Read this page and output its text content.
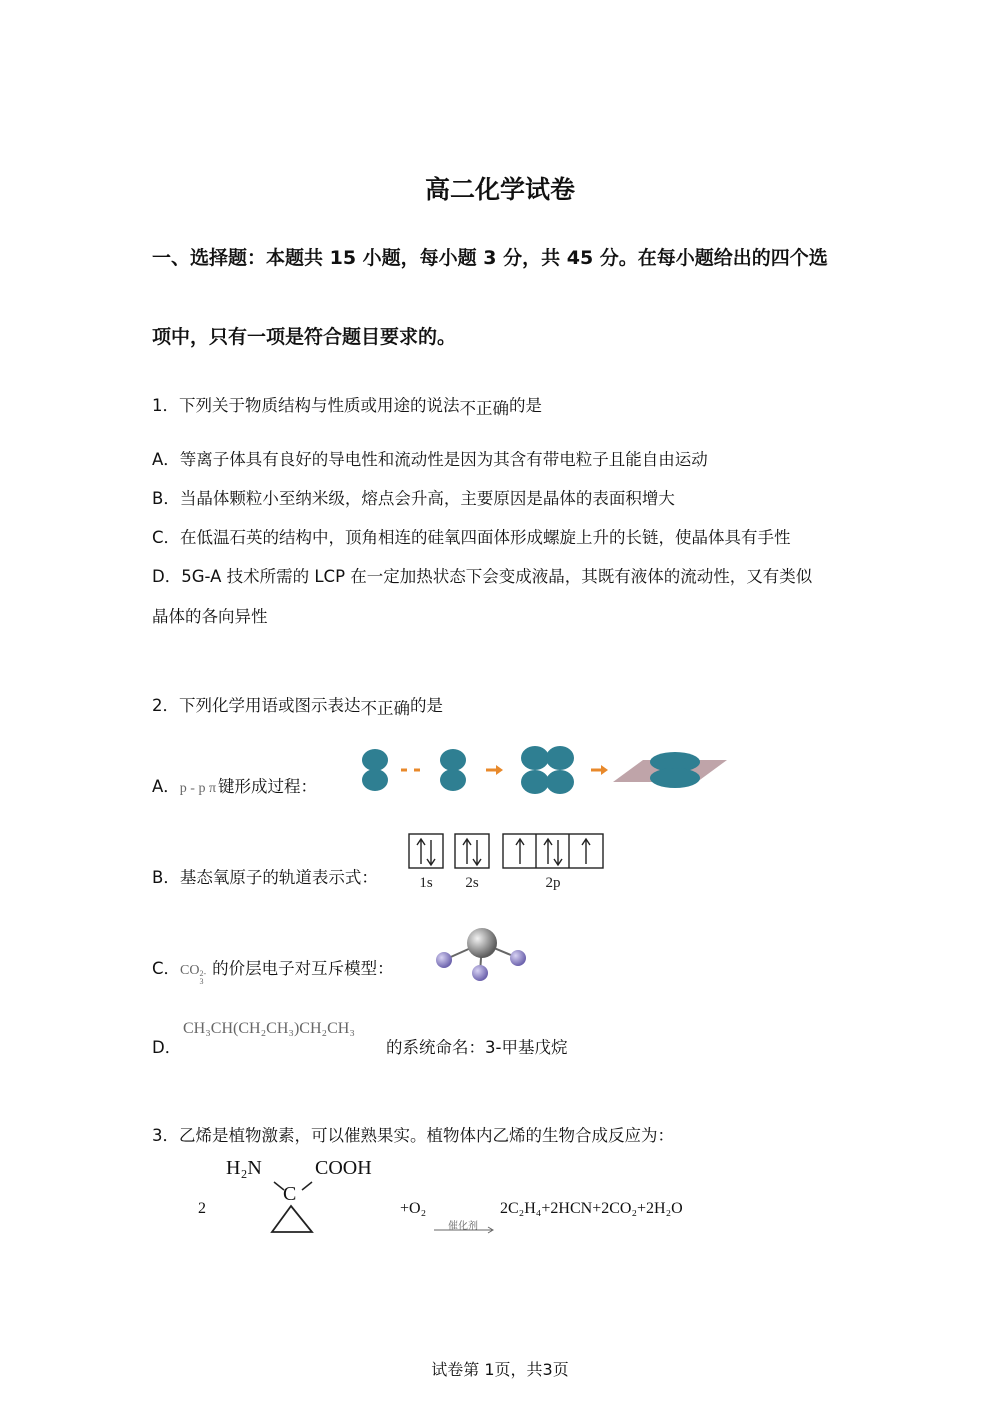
高二化学试卷
一、选择题：本题共 15 小题，每小题 3 分，共 45 分。在每小题给出的四个选
项中，只有一项是符合题目要求的。
1．下列关于物质结构与性质或用途的说法不正确的是
A．等离子体具有良好的导电性和流动性是因为其含有带电粒子且能自由运动
B．当晶体颗粒小至纳米级，熔点会升高，主要原因是晶体的表面积增大
C．在低温石英的结构中，顶角相连的硅氧四面体形成螺旋上升的长链，使晶体具有手性
D．5G-A 技术所需的 LCP 在一定加热状态下会变成液晶，其既有液体的流动性，又有类似
晶体的各向异性
2．下列化学用语或图示表达不正确的是
A．p - p π 键形成过程：
B．基态氧原子的轨道表示式：	1s 2s	2p
C．CO 2-
3
的价层电子对互斥模型：
D．
CH₃CH(CH₂CH₃)CH₂CH₃
的系统命名：3-甲基戊烷
3．乙烯是植物激素，可以催熟果实。植物体内乙烯的生物合成反应为：
2
H₂N	COOH
C
+O₂
催化剂
2C₂H₄+2HCN+2CO₂+2H₂O
试卷第 1页，共3页
